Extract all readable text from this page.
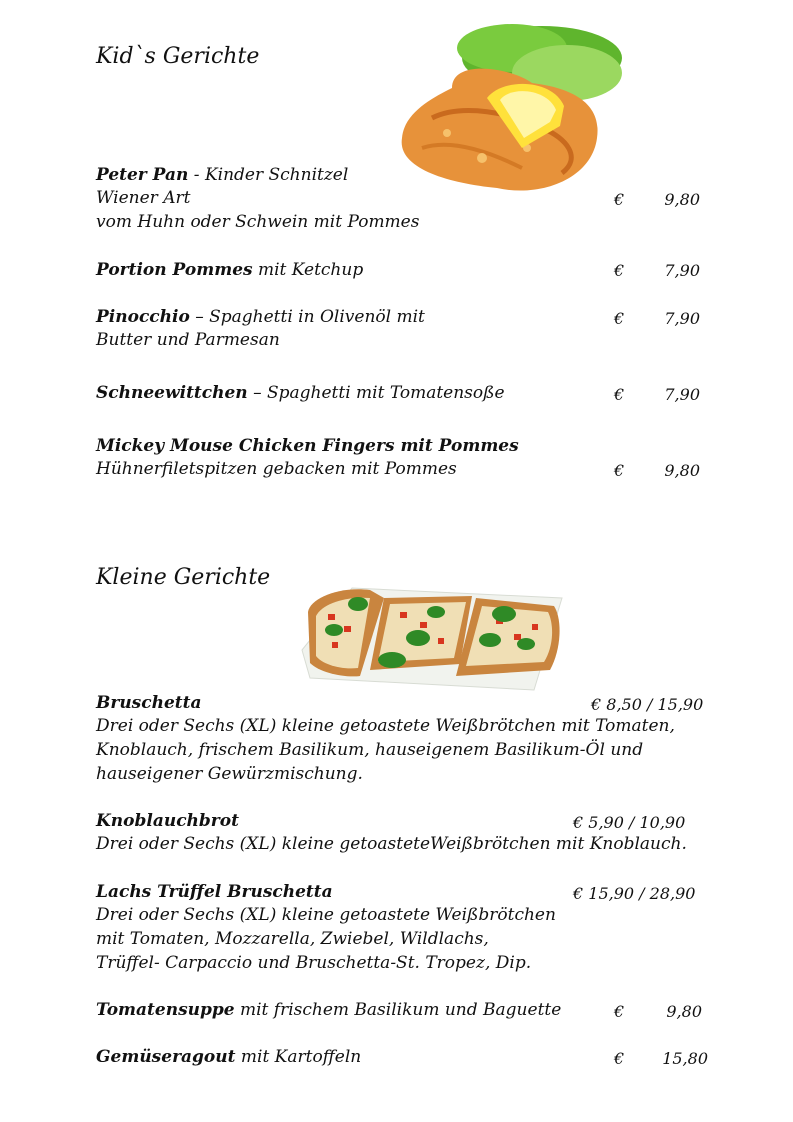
Kid`s Gerichte
Peter Pan - Kinder Schnitzel
Wiener Art
vom Huhn oder Schwein mit Pommes
€	9,80
Portion Pommes mit Ketchup	€	7,90
Pinocchio – Spaghetti in Olivenöl mit
Butter und Parmesan
€	7,90
Schneewittchen – Spaghetti mit Tomatensoße	€	7,90
Mickey Mouse Chicken Fingers mit Pommes
Hühnerfiletspitzen gebacken mit Pommes	€	9,80
Kleine Gerichte
Bruschetta	€ 8,50 / 15,90
Drei oder Sechs (XL) kleine getoastete Weißbrötchen mit Tomaten,
Knoblauch, frischem Basilikum, hauseigenem Basilikum-Öl und
hauseigener Gewürzmischung.
Knoblauchbrot	€ 5,90 / 10,90
Drei oder Sechs (XL) kleine getoasteteWeißbrötchen mit Knoblauch.
Lachs Trüffel Bruschetta	€ 15,90 / 28,90
Drei oder Sechs (XL) kleine getoastete Weißbrötchen
mit Tomaten, Mozzarella, Zwiebel, Wildlachs,
Trüffel- Carpaccio und Bruschetta-St. Tropez, Dip.
Tomatensuppe mit frischem Basilikum und Baguette	€	9,80
Gemüseragout mit Kartoffeln	€	15,80
